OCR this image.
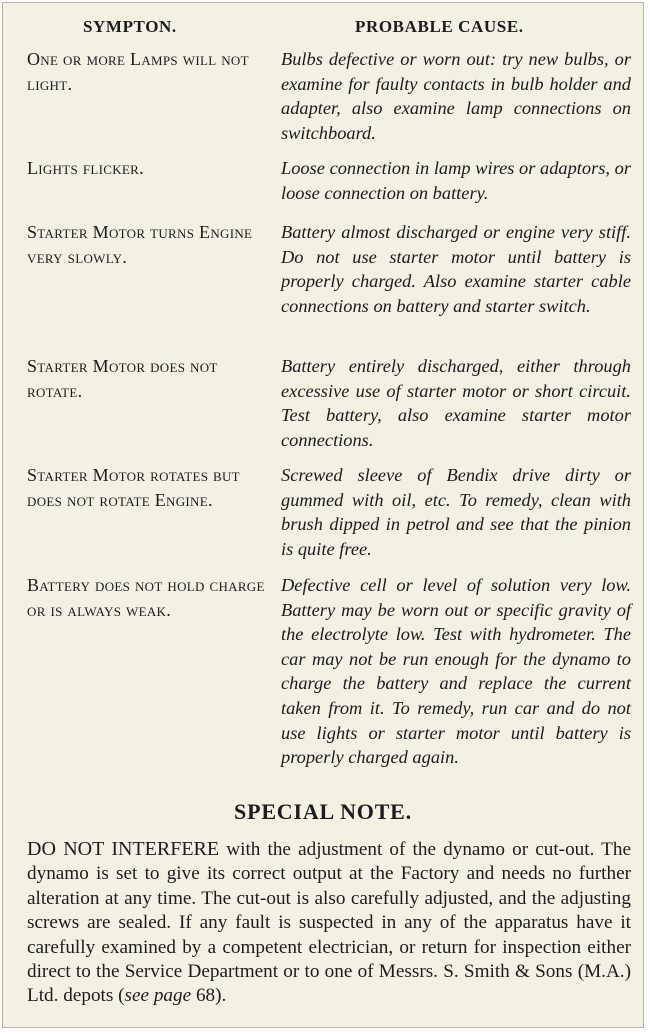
SYMPTON.	PROBABLE CAUSE.
One or more Lamps will not light.
Bulbs defective or worn out: try new bulbs, or examine for faulty contacts in bulb holder and adapter, also examine lamp connections on switchboard.
Lights flicker.	Loose connection in lamp wires or adaptors, or loose connection on battery.
Starter Motor turns Engine very slowly.
Battery almost discharged or engine very stiff. Do not use starter motor until battery is properly charged. Also examine starter cable connections on battery and starter switch.
Starter Motor does not rotate.
Battery entirely discharged, either through excessive use of starter motor or short circuit. Test battery, also examine starter motor connections.
Starter Motor rotates but does not rotate Engine.
Screwed sleeve of Bendix drive dirty or gummed with oil, etc. To remedy, clean with brush dipped in petrol and see that the pinion is quite free.
Battery does not hold charge or is always weak.
Defective cell or level of solution very low. Battery may be worn out or specific gravity of the electrolyte low. Test with hydrometer. The car may not be run enough for the dynamo to charge the battery and replace the current taken from it. To remedy, run car and do not use lights or starter motor until battery is properly charged again.
SPECIAL NOTE.
DO NOT INTERFERE with the adjustment of the dynamo or cut-out. The dynamo is set to give its correct output at the Factory and needs no further alteration at any time. The cut-out is also carefully adjusted, and the adjusting screws are sealed. If any fault is suspected in any of the apparatus have it carefully examined by a competent electrician, or return for inspection either direct to the Service Department or to one of Messrs. S. Smith & Sons (M.A.) Ltd. depots (see page 68).
